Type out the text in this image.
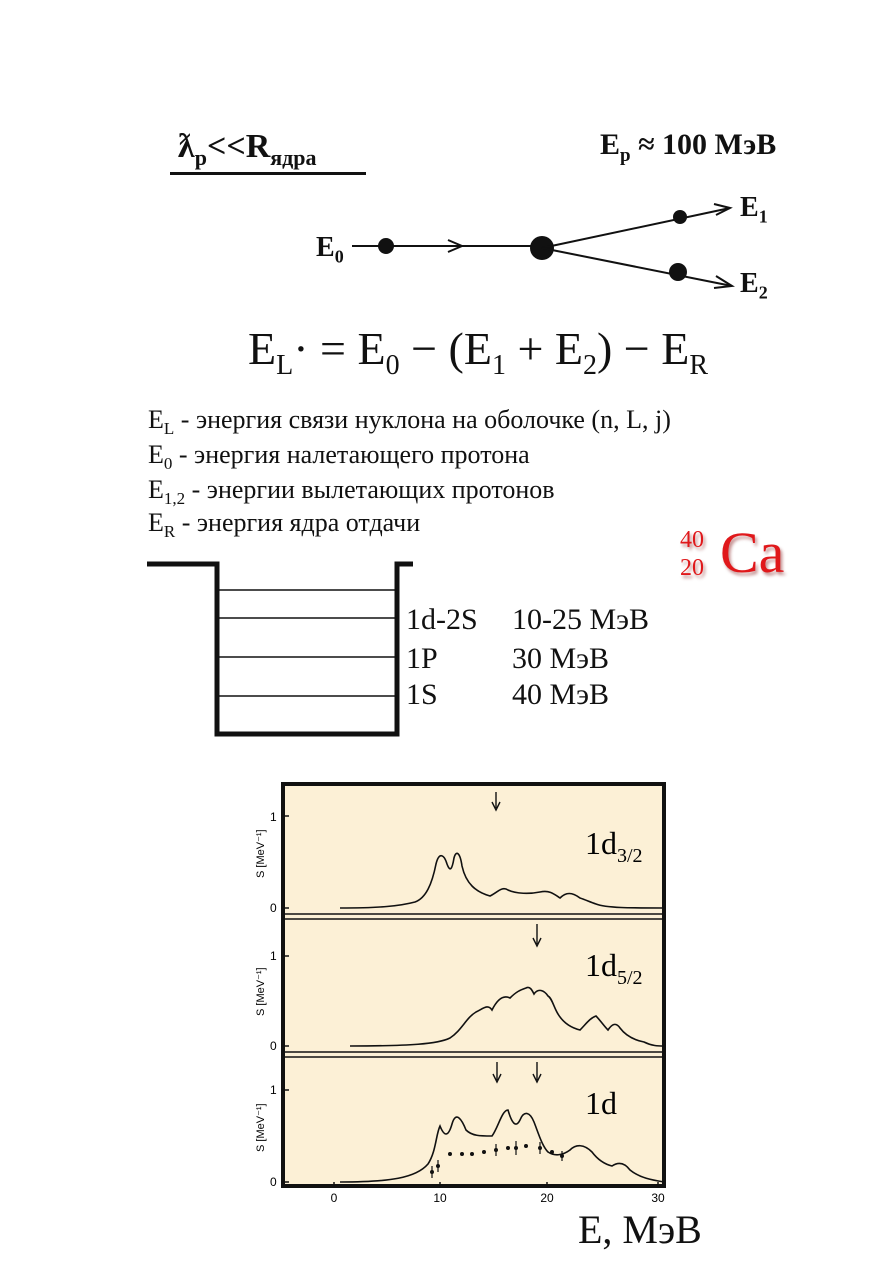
$ƛ_p<<R_{ядра}$	$E_p \approx 100$ МэВ
$E_0$
$E_1$
$E_2$
$E_L\cdot = E_0 - (E_1 + E_2) - E_R$
$E_L$ - энергия связи нуклона на оболочке (n, L, j)
$E_0$ - энергия налетающего протона
$E_{1,2}$ - энергии вылетающих протонов
$E_R$ - энергия ядра отдачи
40
20 Ca
1d-2S 10-25 МэВ
1P 30 МэВ
1S 40 МэВ
1
0
1
0
1
0
S [MeV⁻¹]
S [MeV⁻¹]
S [MeV⁻¹]
0	10	20	30
$1d_{3/2}$
$1d_{5/2}$
1d
E, МэВ
